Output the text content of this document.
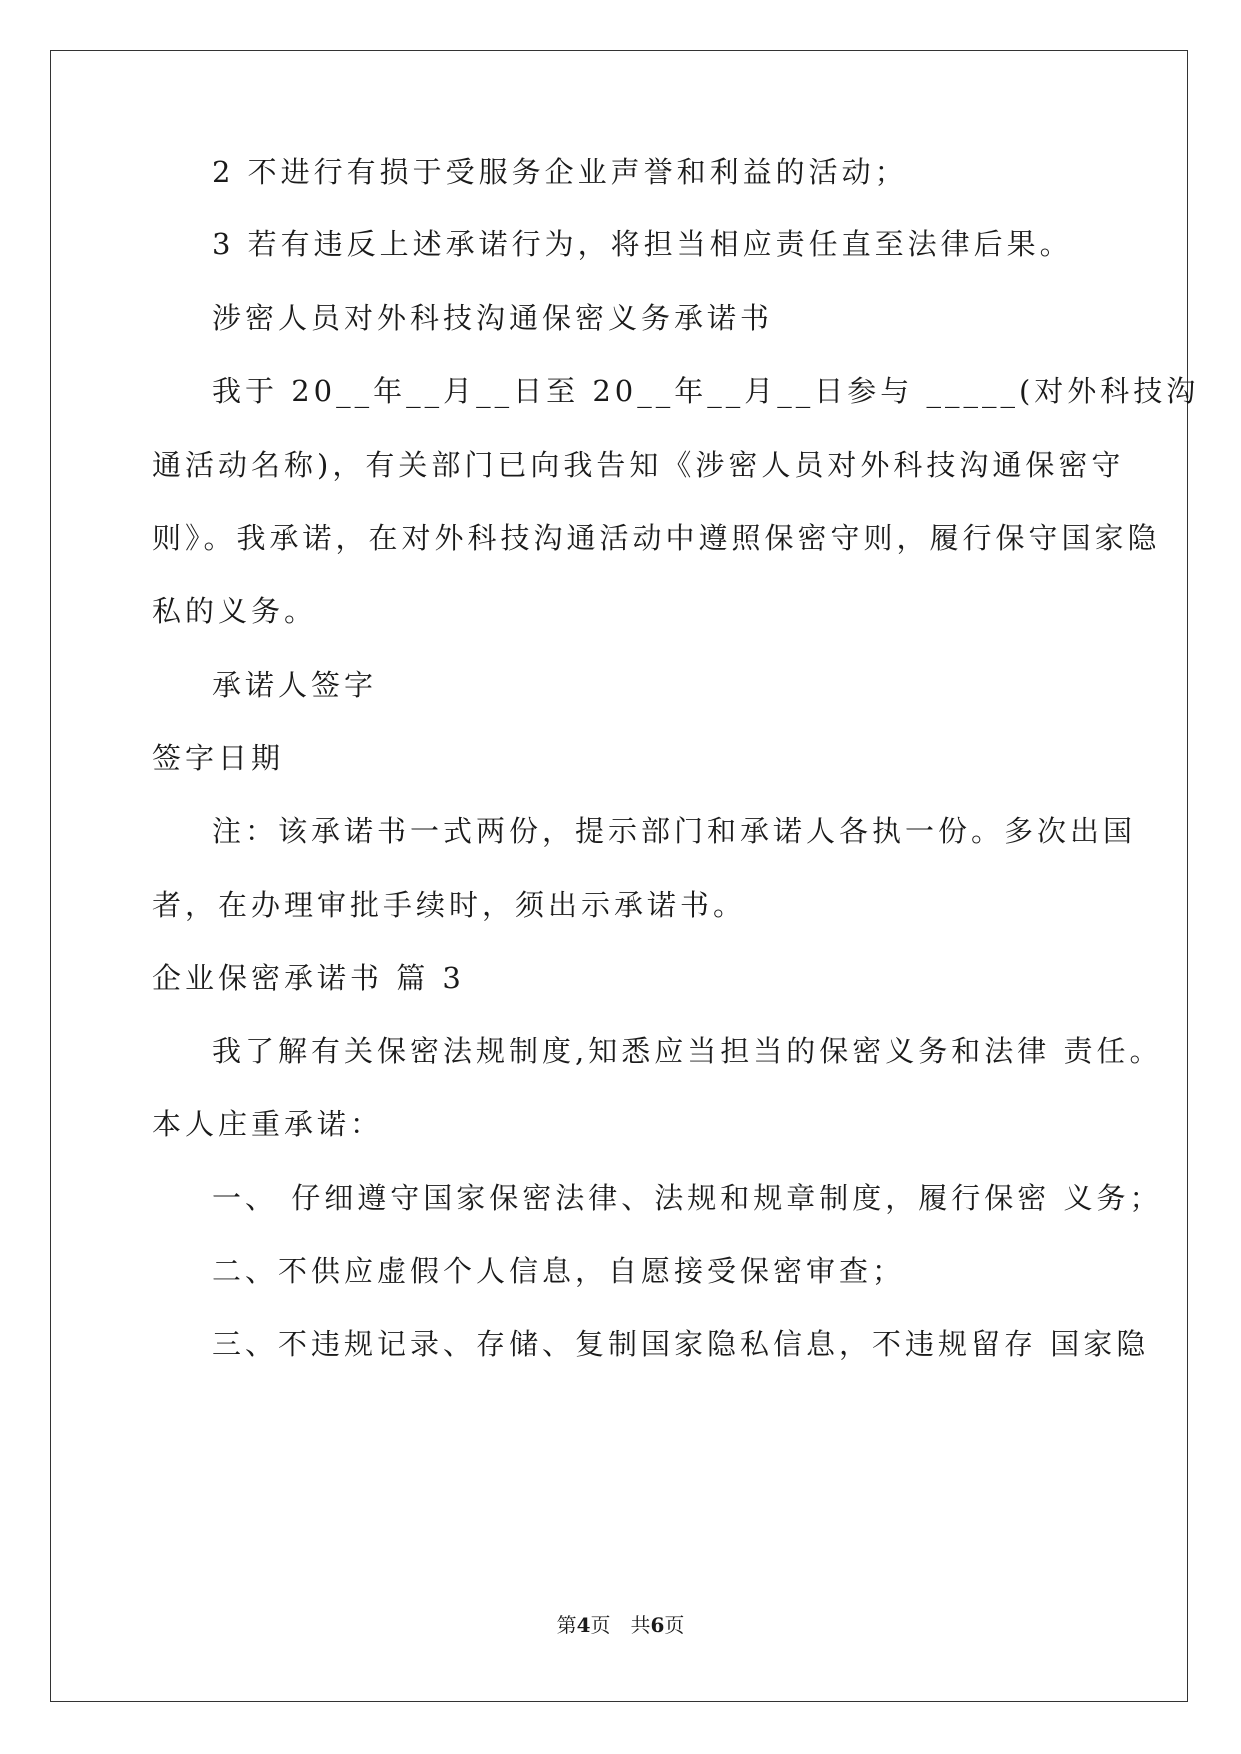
2 不进行有损于受服务企业声誉和利益的活动；
3 若有违反上述承诺行为，将担当相应责任直至法律后果。
涉密人员对外科技沟通保密义务承诺书
我于 20__年__月__日至 20__年__月__日参与 _____(对外科技沟
通活动名称)，有关部门已向我告知《涉密人员对外科技沟通保密守
则》。我承诺，在对外科技沟通活动中遵照保密守则，履行保守国家隐
私的义务。
承诺人签字
签字日期
注：该承诺书一式两份，提示部门和承诺人各执一份。多次出国
者，在办理审批手续时，须出示承诺书。
企业保密承诺书 篇 3
我了解有关保密法规制度,知悉应当担当的保密义务和法律 责任。
本人庄重承诺：
一、 仔细遵守国家保密法律、法规和规章制度，履行保密 义务；
二、不供应虚假个人信息，自愿接受保密审查；
三、不违规记录、存储、复制国家隐私信息，不违规留存 国家隐
第4页　共6页
